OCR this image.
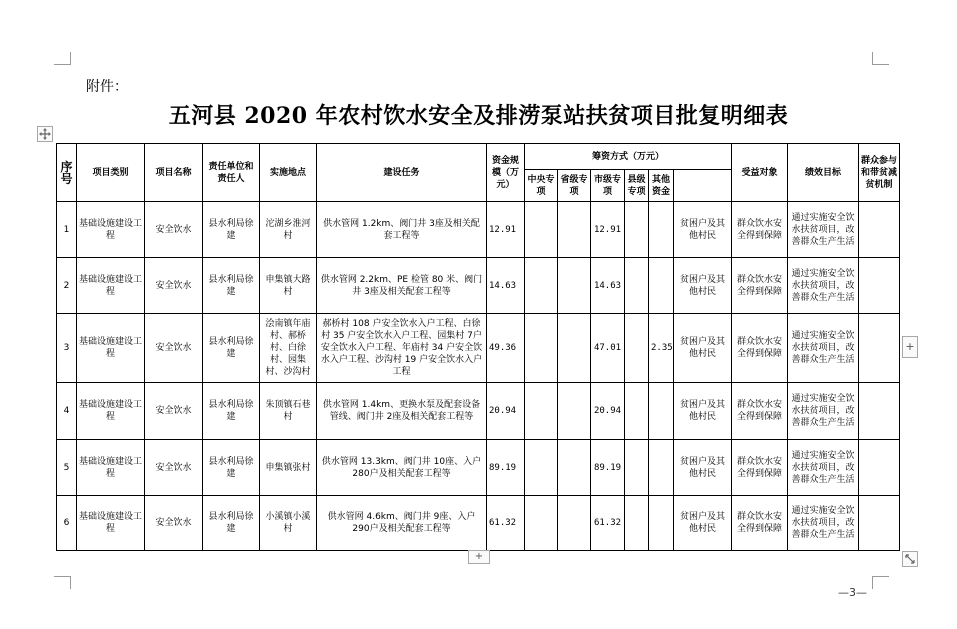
附件：
五河县 2020 年农村饮水安全及排涝泵站扶贫项目批复明细表
序号	项目类别	项目名称	责任单位和责任人	实施地点	建设任务	资金规模（万元）	筹资方式（万元）						受益对象	绩效目标	群众参与和带贫减贫机制	
							中央专项	省级专项	市级专项	县级专项	其他资金					
1	基础设施建设工程	安全饮水	县水利局徐建	沱湖乡淮河村	供水管网 1.2km、阀门井 3座及相关配套工程等	12.91			12.91			贫困户及其他村民	群众饮水安全得到保障	通过实施安全饮水扶贫项目，改善群众生产生活		
2	基础设施建设工程	安全饮水	县水利局徐建	申集镇大路村	供水管网 2.2km、PE 检管 80 米、阀门井 3座及相关配套工程等	14.63			14.63			贫困户及其他村民	群众饮水安全得到保障	通过实施安全饮水扶贫项目，改善群众生产生活		
3	基础设施建设工程	安全饮水	县水利局徐建	浍南镇年庙村、郝桥村、白徐村、园集村、沙沟村	郝桥村 108 户安全饮水入户工程、白徐村 35 户安全饮水入户工程、园集村 7户安全饮水入户工程、年庙村 34 户安全饮水入户工程、沙沟村 19 户安全饮水入户工程	49.36			47.01		2.35	贫困户及其他村民	群众饮水安全得到保障	通过实施安全饮水扶贫项目，改善群众生产生活		
4	基础设施建设工程	安全饮水	县水利局徐建	朱顶镇石巷村	供水管网 1.4km、更换水泵及配套设备管线、阀门井 2座及相关配套工程等	20.94			20.94			贫困户及其他村民	群众饮水安全得到保障	通过实施安全饮水扶贫项目，改善群众生产生活		
5	基础设施建设工程	安全饮水	县水利局徐建	申集镇张村	供水管网 13.3km、阀门井 10座、入户 280户及相关配套工程等	89.19			89.19			贫困户及其他村民	群众饮水安全得到保障	通过实施安全饮水扶贫项目，改善群众生产生活		
6	基础设施建设工程	安全饮水	县水利局徐建	小溪镇小溪村	供水管网 4.6km、阀门井 9座、入户 290户及相关配套工程等	61.32			61.32			贫困户及其他村民	群众饮水安全得到保障	通过实施安全饮水扶贫项目，改善群众生产生活		
+
+
—3—
